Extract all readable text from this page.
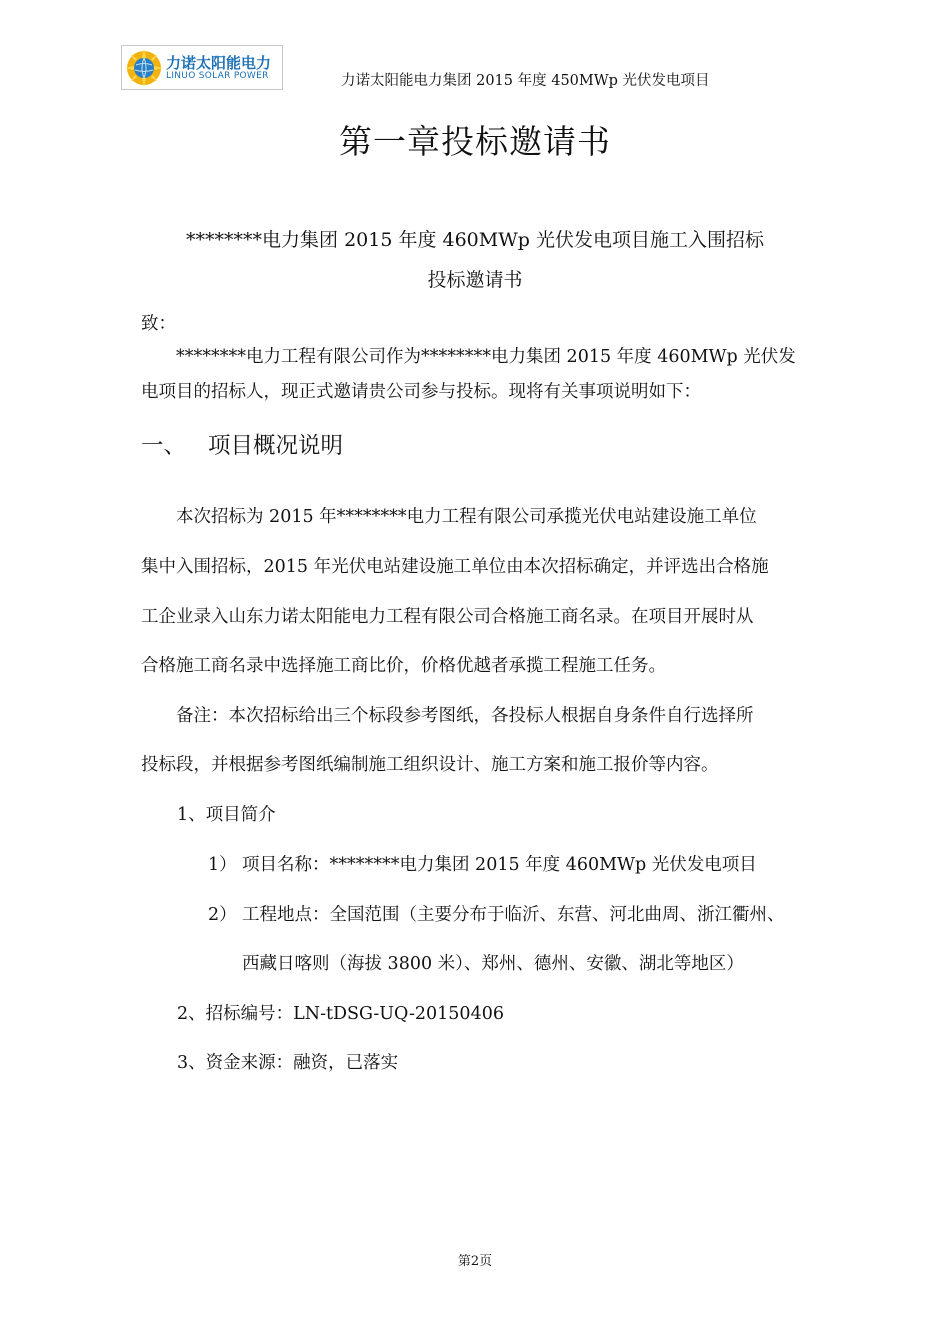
力诺太阳能电力
LINUO SOLAR POWER	力诺太阳能电力集团 2015 年度 450MWp 光伏发电项目
第一章投标邀请书
********电力集团 2015 年度 460MWp 光伏发电项目施工入围招标
投标邀请书
致：
********电力工程有限公司作为********电力集团 2015 年度 460MWp 光伏发
电项目的招标人，现正式邀请贵公司参与投标。现将有关事项说明如下：
一、 项目概况说明
本次招标为 2015 年********电力工程有限公司承揽光伏电站建设施工单位
集中入围招标，2015 年光伏电站建设施工单位由本次招标确定，并评选出合格施
工企业录入山东力诺太阳能电力工程有限公司合格施工商名录。在项目开展时从
合格施工商名录中选择施工商比价，价格优越者承揽工程施工任务。
备注：本次招标给出三个标段参考图纸，各投标人根据自身条件自行选择所
投标段，并根据参考图纸编制施工组织设计、施工方案和施工报价等内容。
1、项目简介
1） 项目名称：********电力集团 2015 年度 460MWp 光伏发电项目
2） 工程地点：全国范围（主要分布于临沂、东营、河北曲周、浙江衢州、
西藏日喀则（海拔 3800 米）、郑州、德州、安徽、湖北等地区）
2、招标编号：LN-tDSG-UQ-20150406
3、资金来源：融资，已落实
第2页
